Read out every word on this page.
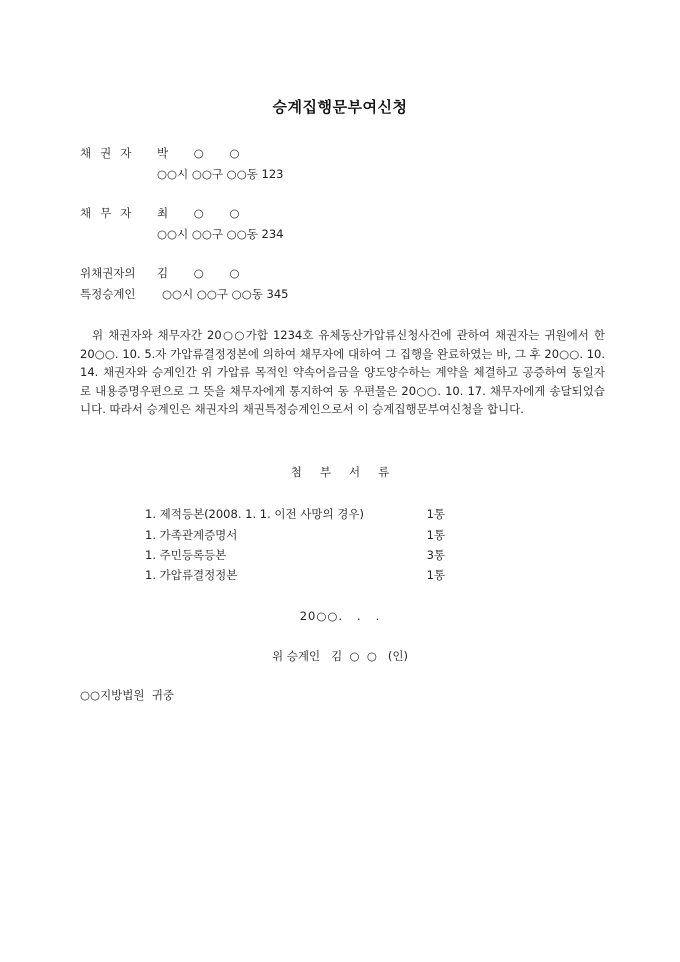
승계집행문부여신청
채권자 박 ○ ○
○○시 ○○구 ○○동 123
채무자 최 ○ ○
○○시 ○○구 ○○동 234
위채권자의
특정승계인
김 ○ ○
○○시 ○○구 ○○동 345
위 채권자와 채무자간 20○○가합 1234호 유체동산가압류신청사건에 관하여 채권자는 귀원에서 한 20○○. 10. 5.자 가압류결정정본에 의하여 채무자에 대하여 그 집행을 완료하였는 바, 그 후 20○○. 10. 14. 채권자와 승계인간 위 가압류 목적인 약속어음금을 양도양수하는 계약을 체결하고 공증하여 동일자로 내용증명우편으로 그 뜻을 채무자에게 통지하여 동 우편물은 20○○. 10. 17. 채무자에게 송달되었습니다. 따라서 승계인은 채권자의 채권특정승계인으로서 이 승계집행문부여신청을 합니다.
첨부서류
1. 제적등본(2008. 1. 1. 이전 사망의 경우)	1통
1. 가족관계증명서	1통
1. 주민등록등본	3통
1. 가압류결정정본	1통
20○○.   .   .
위 승계인   김  ○  ○   (인)
○○지방법원  귀중
